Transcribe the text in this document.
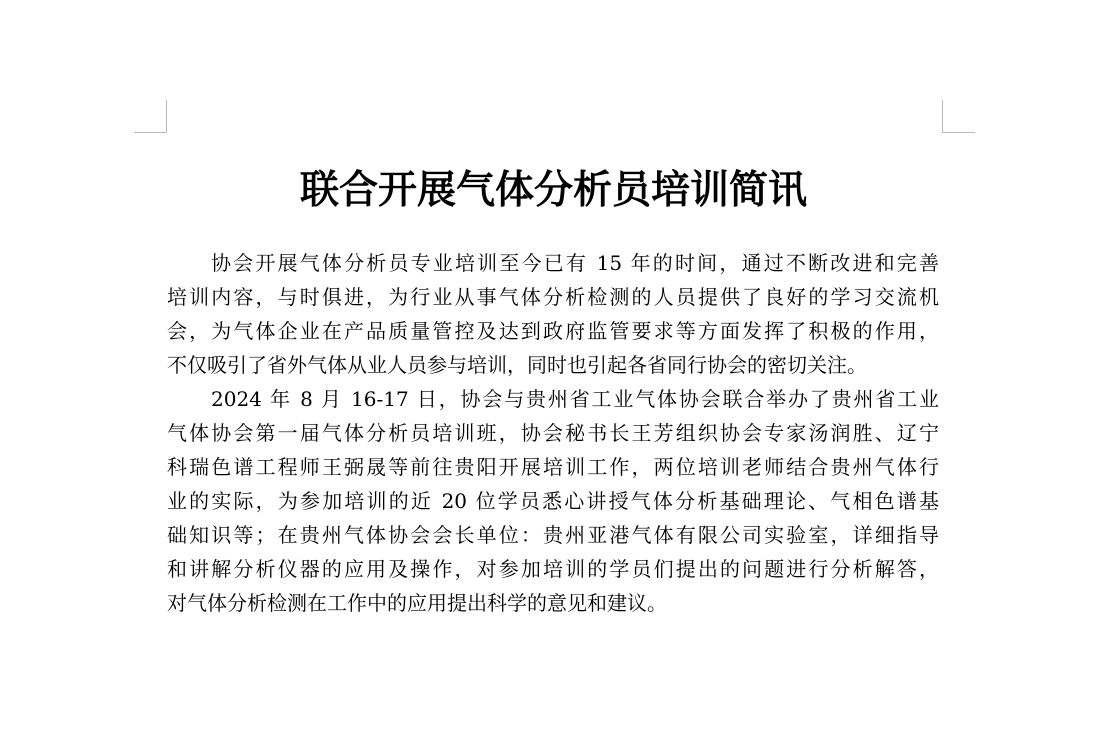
联合开展气体分析员培训简讯
协会开展气体分析员专业培训至今已有 15 年的时间，通过不断改进和完善
培训内容，与时俱进，为行业从事气体分析检测的人员提供了良好的学习交流机
会，为气体企业在产品质量管控及达到政府监管要求等方面发挥了积极的作用，
不仅吸引了省外气体从业人员参与培训，同时也引起各省同行协会的密切关注。
2024 年 8 月 16-17 日，协会与贵州省工业气体协会联合举办了贵州省工业
气体协会第一届气体分析员培训班，协会秘书长王芳组织协会专家汤润胜、辽宁
科瑞色谱工程师王弼晟等前往贵阳开展培训工作，两位培训老师结合贵州气体行
业的实际，为参加培训的近 20 位学员悉心讲授气体分析基础理论、气相色谱基
础知识等；在贵州气体协会会长单位：贵州亚港气体有限公司实验室，详细指导
和讲解分析仪器的应用及操作，对参加培训的学员们提出的问题进行分析解答，
对气体分析检测在工作中的应用提出科学的意见和建议。
